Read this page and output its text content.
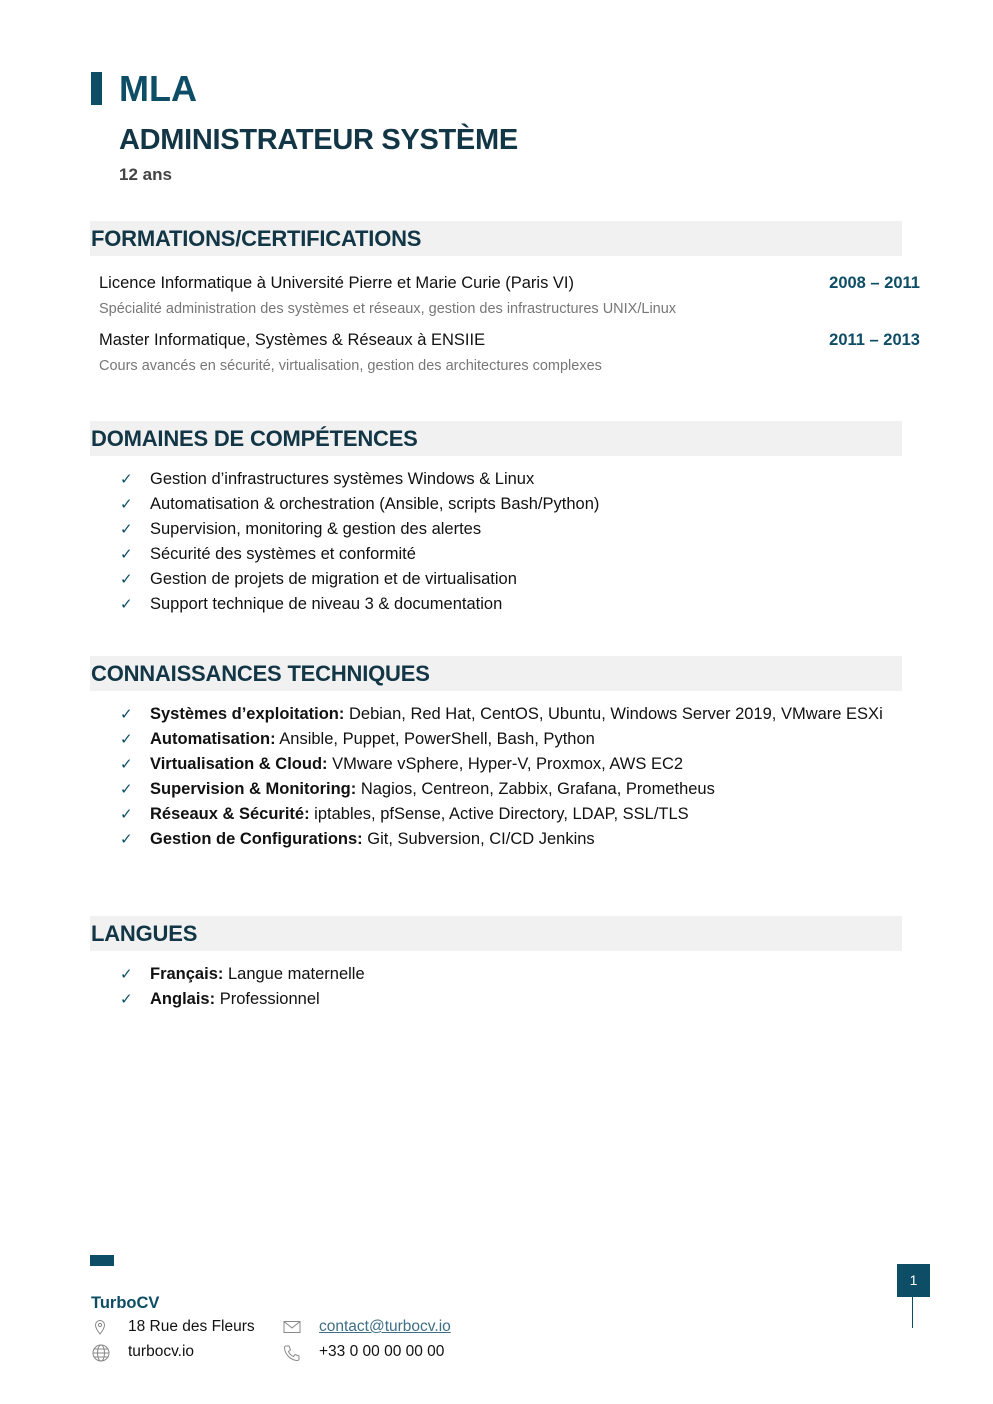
MLA
ADMINISTRATEUR SYSTÈME
12 ans
FORMATIONS/CERTIFICATIONS
Licence Informatique à Université Pierre et Marie Curie (Paris VI)	2008 – 2011
Spécialité administration des systèmes et réseaux, gestion des infrastructures UNIX/Linux
Master Informatique, Systèmes & Réseaux à ENSIIE	2011 – 2013
Cours avancés en sécurité, virtualisation, gestion des architectures complexes
DOMAINES DE COMPÉTENCES
✓ Gestion d’infrastructures systèmes Windows & Linux
✓ Automatisation & orchestration (Ansible, scripts Bash/Python)
✓ Supervision, monitoring & gestion des alertes
✓ Sécurité des systèmes et conformité
✓ Gestion de projets de migration et de virtualisation
✓ Support technique de niveau 3 & documentation
CONNAISSANCES TECHNIQUES
✓ Systèmes d’exploitation: Debian, Red Hat, CentOS, Ubuntu, Windows Server 2019, VMware ESXi
✓ Automatisation: Ansible, Puppet, PowerShell, Bash, Python
✓ Virtualisation & Cloud: VMware vSphere, Hyper-V, Proxmox, AWS EC2
✓ Supervision & Monitoring: Nagios, Centreon, Zabbix, Grafana, Prometheus
✓ Réseaux & Sécurité: iptables, pfSense, Active Directory, LDAP, SSL/TLS
✓ Gestion de Configurations: Git, Subversion, CI/CD Jenkins
LANGUES
✓ Français: Langue maternelle
✓ Anglais: Professionnel
TurboCV
18 Rue des Fleurs
turbocv.io
contact@turbocv.io
+33 0 00 00 00 00
1
